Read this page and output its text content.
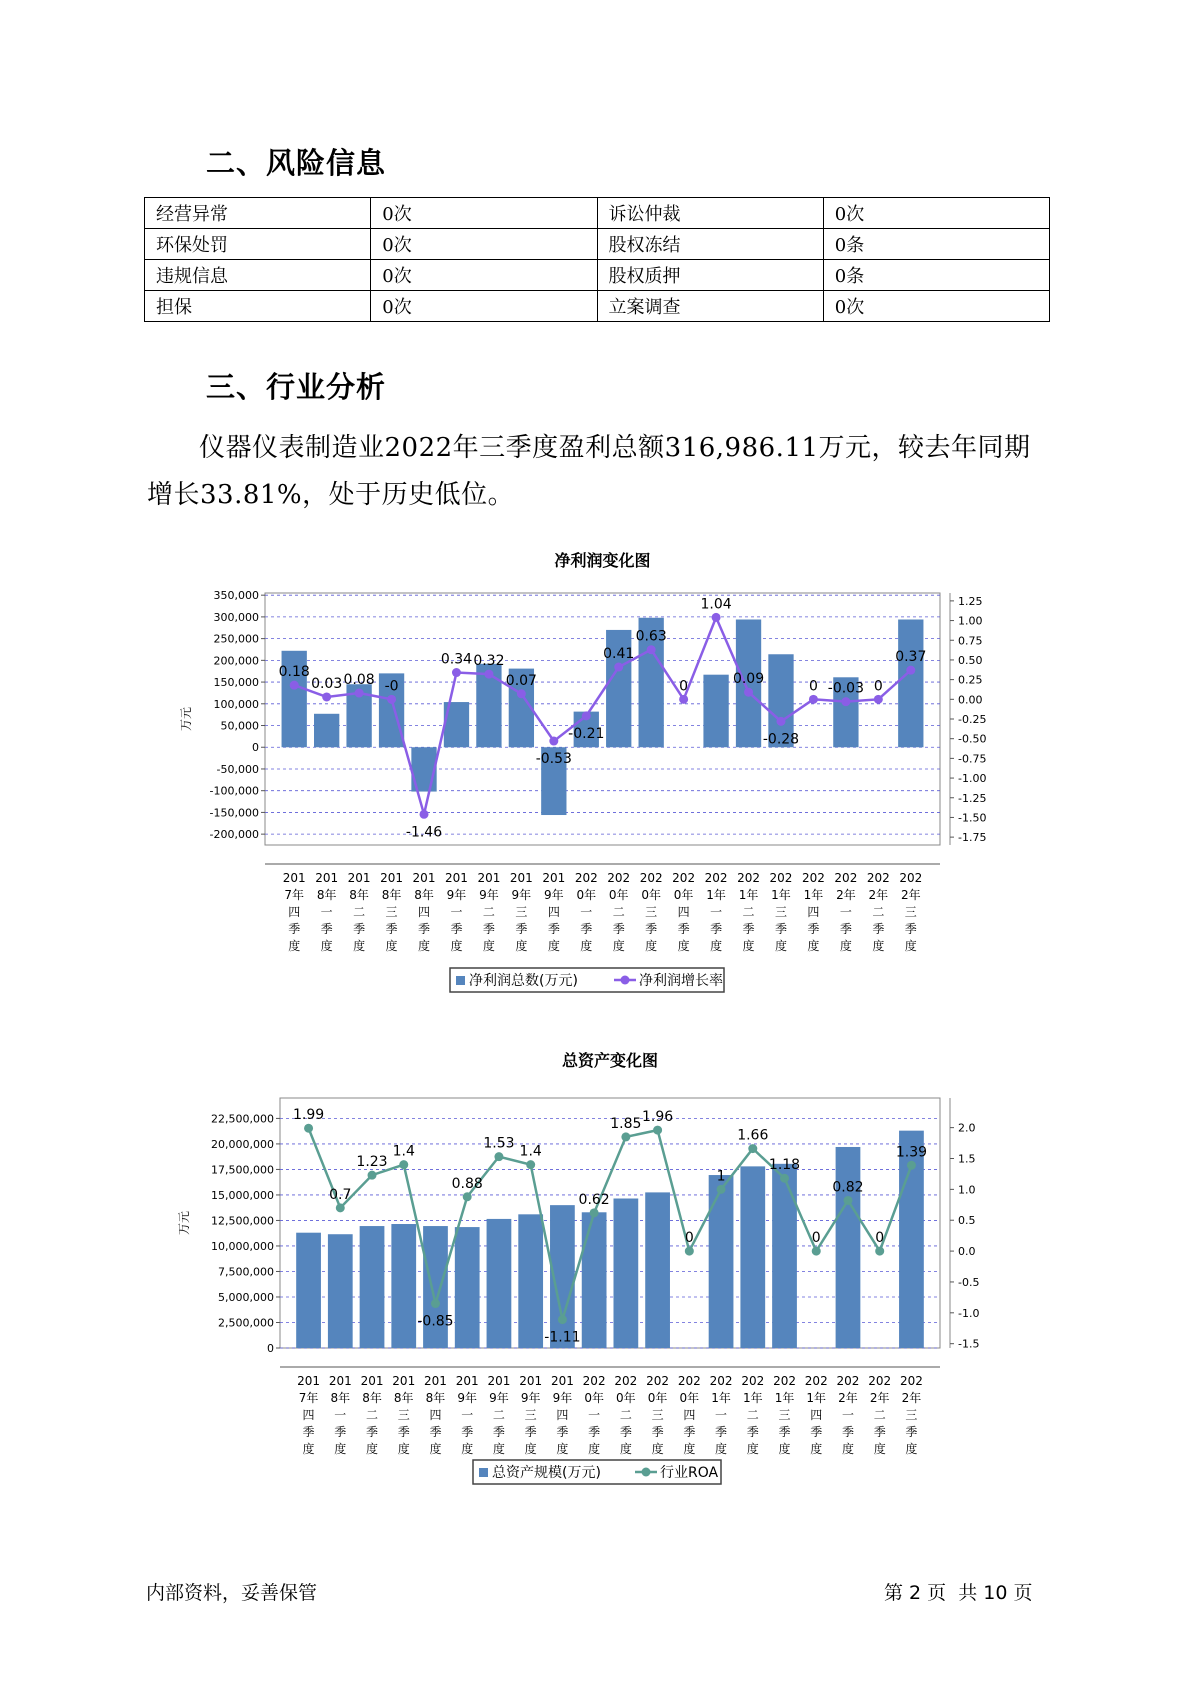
二、风险信息
经营异常	0次	诉讼仲裁	0次
环保处罚	0次	股权冻结	0条
违规信息	0次	股权质押	0条
担保	0次	立案调查	0次
三、行业分析
仪器仪表制造业2022年三季度盈利总额316,986.11万元，较去年同期增长33.81%，处于历史低位。
净利润变化图
350,000
300,000
250,000
200,000
150,000
100,000
50,000
0
-50,000
-100,000
-150,000
-200,000
1.25
1.00
0.75
0.50
0.25
0.00
-0.25
-0.50
-0.75
-1.00
-1.25
-1.50
-1.75
万元
0.18
0.03 0.08 -0
-1.46
0.34 0.32
0.07
-0.53
-0.21
0.41
0.63
0
1.04
0.09
-0.28
0 -0.03 0
0.37
201 7年四季度
201 8年一季度
201 8年二季度
201 8年三季度
201 8年四季度
201 9年一季度
201 9年二季度
201 9年三季度
201 9年四季度
202 0年一季度
202 0年二季度
202 0年三季度
202 0年四季度
202 1年一季度
202 1年二季度
202 1年三季度
202 1年四季度
202 2年一季度
202 2年二季度
202 2年三季度
净利润总数(万元)	净利润增长率
总资产变化图
22,500,000
20,000,000
17,500,000
15,000,000
12,500,000
10,000,000
7,500,000
5,000,000
2,500,000
0
2.0
1.5
1.0
0.5
0.0
-0.5
-1.0
-1.5
万元
1.99
0.7
1.23
1.4
-0.85
0.88
1.53
1.4
-1.11
0.62
1.85 1.96
0
1
1.66
1.18
0
0.82
0
1.39
201 7年四季度
201 8年一季度
201 8年二季度
201 8年三季度
201 8年四季度
201 9年一季度
201 9年二季度
201 9年三季度
201 9年四季度
202 0年一季度
202 0年二季度
202 0年三季度
202 0年四季度
202 1年一季度
202 1年二季度
202 1年三季度
202 1年四季度
202 2年一季度
202 2年二季度
202 2年三季度
总资产规模(万元)	行业ROA
内部资料，妥善保管	第 2 页  共 10 页
